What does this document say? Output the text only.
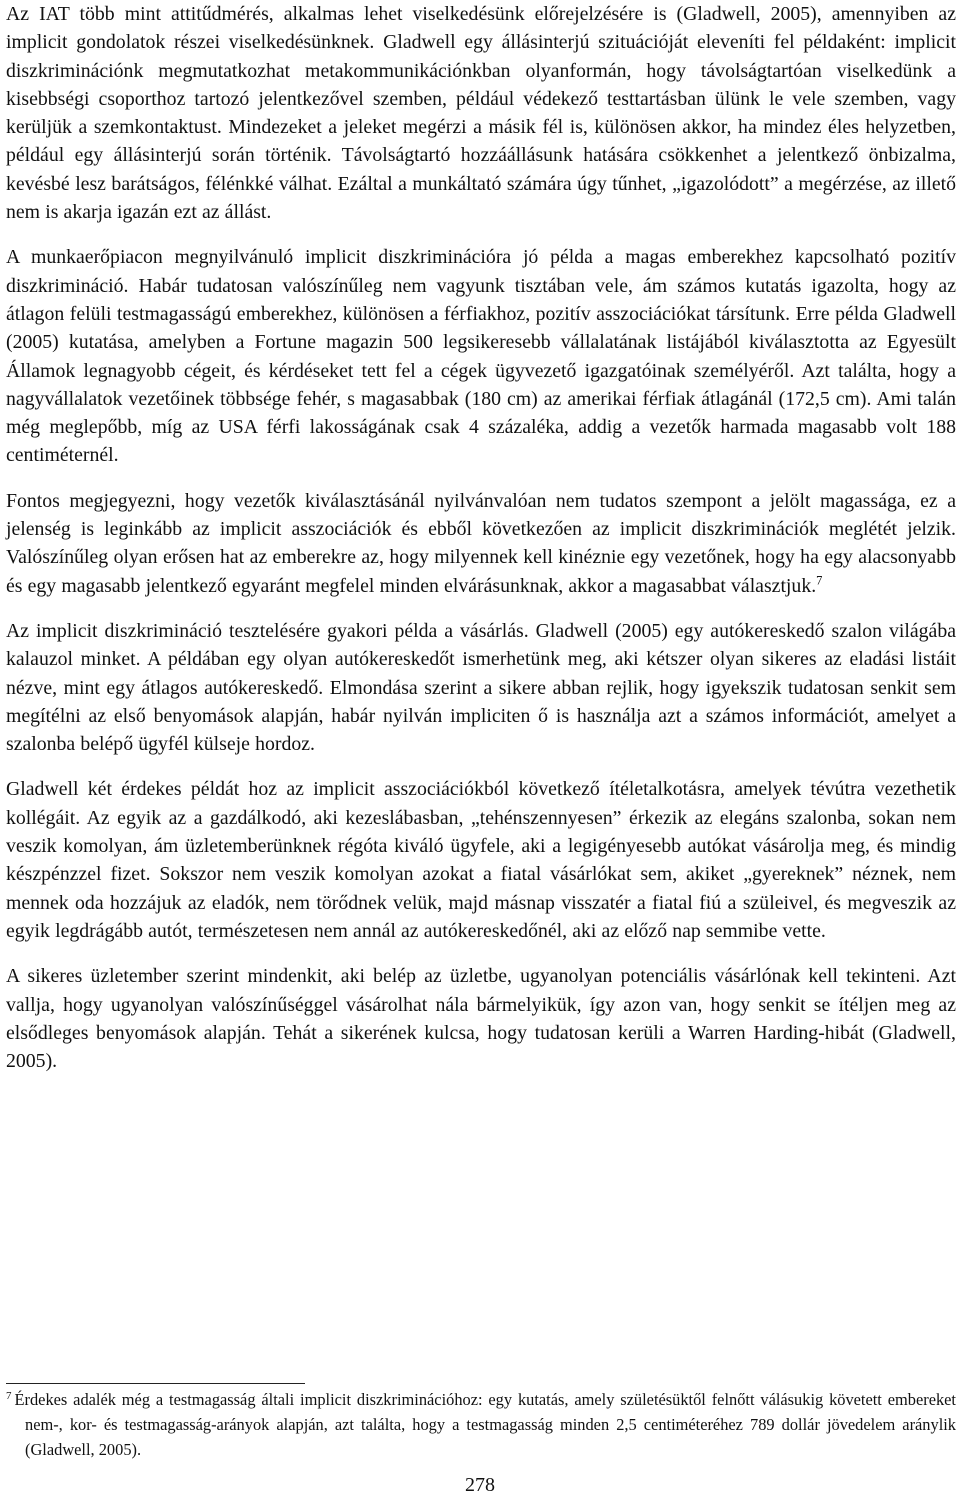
Az IAT több mint attitűdmérés, alkalmas lehet viselkedésünk előrejelzésére is (Gladwell, 2005), amennyiben az implicit gondolatok részei viselkedésünknek. Gladwell egy állásinterjú szituációját eleveníti fel példaként: implicit diszkriminációnk megmutatkozhat metakommunikációnkban olyanformán, hogy távolságtartóan viselkedünk a kisebbségi csoporthoz tartozó jelentkezővel szemben, például védekező testtartásban ülünk le vele szemben, vagy kerüljük a szemkontaktust. Mindezeket a jeleket megérzi a másik fél is, különösen akkor, ha mindez éles helyzetben, például egy állásinterjú során történik. Távolságtartó hozzáállásunk hatására csökkenhet a jelentkező önbizalma, kevésbé lesz barátságos, félénkké válhat. Ezáltal a munkáltató számára úgy tűnhet, „igazolódott” a megérzése, az illető nem is akarja igazán ezt az állást.

A munkaerőpiacon megnyilvánuló implicit diszkriminációra jó példa a magas emberekhez kapcsolható pozitív diszkrimináció. Habár tudatosan valószínűleg nem vagyunk tisztában vele, ám számos kutatás igazolta, hogy az átlagon felüli testmagasságú emberekhez, különösen a férfiakhoz, pozitív asszociációkat társítunk. Erre példa Gladwell (2005) kutatása, amelyben a Fortune magazin 500 legsikeresebb vállalatának listájából kiválasztotta az Egyesült Államok legnagyobb cégeit, és kérdéseket tett fel a cégek ügyvezető igazgatóinak személyéről. Azt találta, hogy a nagyvállalatok vezetőinek többsége fehér, s magasabbak (180 cm) az amerikai férfiak átlagánál (172,5 cm). Ami talán még meglepőbb, míg az USA férfi lakosságának csak 4 százaléka, addig a vezetők harmada magasabb volt 188 centiméternél.

Fontos megjegyezni, hogy vezetők kiválasztásánál nyilvánvalóan nem tudatos szempont a jelölt magassága, ez a jelenség is leginkább az implicit asszociációk és ebből következően az implicit diszkriminációk meglétét jelzik. Valószínűleg olyan erősen hat az emberekre az, hogy milyennek kell kinéznie egy vezetőnek, hogy ha egy alacsonyabb és egy magasabb jelentkező egyaránt megfelel minden elvárásunknak, akkor a magasabbat választjuk.$^7$

Az implicit diszkrimináció tesztelésére gyakori példa a vásárlás. Gladwell (2005) egy autókereskedő szalon világába kalauzol minket. A példában egy olyan autókereskedőt ismerhetünk meg, aki kétszer olyan sikeres az eladási listáit nézve, mint egy átlagos autókereskedő. Elmondása szerint a sikere abban rejlik, hogy igyekszik tudatosan senkit sem megítélni az első benyomások alapján, habár nyilván impliciten ő is használja azt a számos információt, amelyet a szalonba belépő ügyfél külseje hordoz.

Gladwell két érdekes példát hoz az implicit asszociációkból következő ítéletalkotásra, amelyek tévútra vezethetik kollégáit. Az egyik az a gazdálkodó, aki kezeslábasban, „tehénszennyesen” érkezik az elegáns szalonba, sokan nem veszik komolyan, ám üzletemberünknek régóta kiváló ügyfele, aki a legigényesebb autókat vásárolja meg, és mindig készpénzzel fizet. Sokszor nem veszik komolyan azokat a fiatal vásárlókat sem, akiket „gyereknek” néznek, nem mennek oda hozzájuk az eladók, nem törődnek velük, majd másnap visszatér a fiatal fiú a szüleivel, és megveszik az egyik legdrágább autót, természetesen nem annál az autókereskedőnél, aki az előző nap semmibe vette.

A sikeres üzletember szerint mindenkit, aki belép az üzletbe, ugyanolyan potenciális vásárlónak kell tekinteni. Azt vallja, hogy ugyanolyan valószínűséggel vásárolhat nála bármelyikük, így azon van, hogy senkit se ítéljen meg az elsődleges benyomások alapján. Tehát a sikerének kulcsa, hogy tudatosan kerüli a Warren Harding-hibát (Gladwell, 2005).

$^7$ Érdekes adalék még a testmagasság általi implicit diszkriminációhoz: egy kutatás, amely születésüktől felnőtt válásukig követett embereket nem-, kor- és testmagasság-arányok alapján, azt találta, hogy a testmagasság minden 2,5 centiméteréhez 789 dollár jövedelem aránylik (Gladwell, 2005).

278
